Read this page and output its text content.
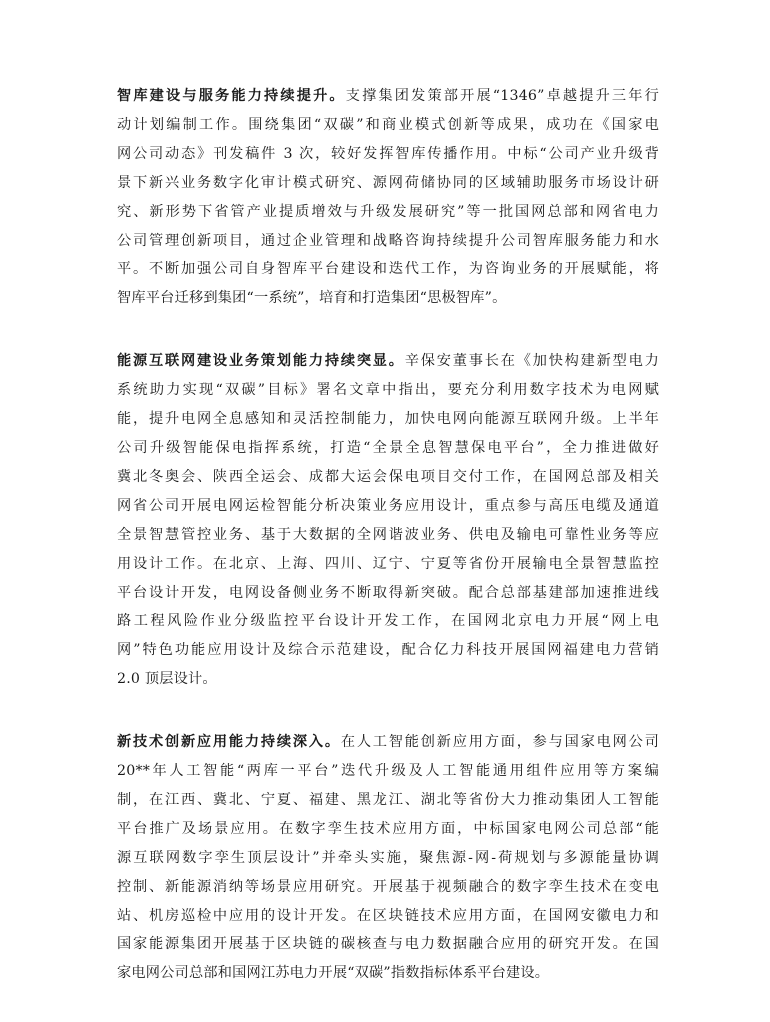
智库建设与服务能力持续提升。支撑集团发策部开展“1346”卓越提升三年行
动计划编制工作。围绕集团“双碳”和商业模式创新等成果，成功在《国家电
网公司动态》刊发稿件 3 次，较好发挥智库传播作用。中标“公司产业升级背
景下新兴业务数字化审计模式研究、源网荷储协同的区域辅助服务市场设计研
究、新形势下省管产业提质增效与升级发展研究”等一批国网总部和网省电力
公司管理创新项目，通过企业管理和战略咨询持续提升公司智库服务能力和水
平。不断加强公司自身智库平台建设和迭代工作，为咨询业务的开展赋能，将
智库平台迁移到集团“一系统”，培育和打造集团“思极智库”。
能源互联网建设业务策划能力持续突显。辛保安董事长在《加快构建新型电力
系统助力实现“双碳”目标》署名文章中指出，要充分利用数字技术为电网赋
能，提升电网全息感知和灵活控制能力，加快电网向能源互联网升级。上半年
公司升级智能保电指挥系统，打造“全景全息智慧保电平台”，全力推进做好
冀北冬奥会、陕西全运会、成都大运会保电项目交付工作，在国网总部及相关
网省公司开展电网运检智能分析决策业务应用设计，重点参与高压电缆及通道
全景智慧管控业务、基于大数据的全网谐波业务、供电及输电可靠性业务等应
用设计工作。在北京、上海、四川、辽宁、宁夏等省份开展输电全景智慧监控
平台设计开发，电网设备侧业务不断取得新突破。配合总部基建部加速推进线
路工程风险作业分级监控平台设计开发工作，在国网北京电力开展“网上电
网”特色功能应用设计及综合示范建设，配合亿力科技开展国网福建电力营销
2.0 顶层设计。
新技术创新应用能力持续深入。在人工智能创新应用方面，参与国家电网公司
20**年人工智能“两库一平台”迭代升级及人工智能通用组件应用等方案编
制，在江西、冀北、宁夏、福建、黑龙江、湖北等省份大力推动集团人工智能
平台推广及场景应用。在数字孪生技术应用方面，中标国家电网公司总部“能
源互联网数字孪生顶层设计”并牵头实施，聚焦源-网-荷规划与多源能量协调
控制、新能源消纳等场景应用研究。开展基于视频融合的数字孪生技术在变电
站、机房巡检中应用的设计开发。在区块链技术应用方面，在国网安徽电力和
国家能源集团开展基于区块链的碳核查与电力数据融合应用的研究开发。在国
家电网公司总部和国网江苏电力开展“双碳”指数指标体系平台建设。
